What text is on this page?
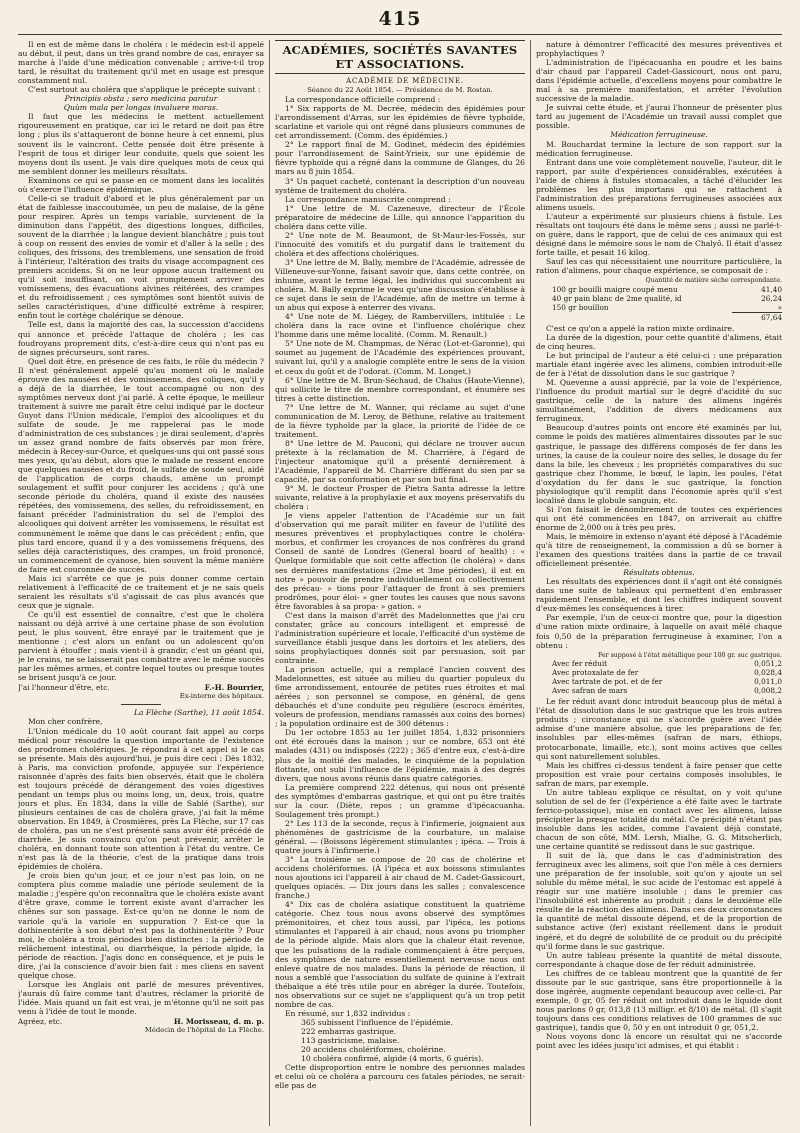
415

Il en est de même dans le choléra : le médecin est-il appelé au début, il peut, dans un très grand nombre de cas, enrayer sa marche à l'aide d'une médication convenable ; arrive-t-il trop tard, le résultat du traitement qu'il met en usage est presque constamment nul.

C'est surtout au choléra que s'applique le précepte suivant :

Principiis obsta ; sero medicina paratur

Quùm mala per longas invaluere moras.

Il faut que les médecins le mettent actuellement rigoureusement en pratique, car ici le retard ne doit pas être long ; plus ils s'attaqueront de bonne heure à cet ennemi, plus souvent ils le vaincront. Cette pensée doit être présente à l'esprit de tous et diriger leur conduite, quels que soient les moyens dont ils usent. Je vais dire quelques mots de ceux qui me semblent donner les meilleurs résultats.

Examinons ce qui se passe en ce moment dans les localités où s'exerce l'influence épidémique.

Celle-ci se traduit d'abord et le plus généralement par un état de faiblesse inaccoutumée, un peu de malaise, de la gêne pour respirer. Après un temps variable, survienent de la diminution dans l'appétit, des digestions longues, difficiles, souvent de la diarrhée ; la langue devient blanchâtre ; puis tout à coup on ressent des envies de vomir et d'aller à la selle ; des coliques, des frissons, des tremblemens, une sensation de froid à l'intérieur, l'altération des traits du visage accompagnent ces premiers accidens. Si on ne leur oppose aucun traitement ou qu'il soit insuffisant, on voit promptement arriver des vomissemens, des évacuations alvines réitérées, des crampes et du refroidissement ; ces symptômes sont bientôt suivis de selles caractéristiques, d'une difficulté extrême à respirer, enfin tout le cortège cholérique se dénoue.

Telle est, dans la majorité des cas, la succession d'accidens qui annonce et précède l'attaque de choléra ; les cas foudroyans proprement dits, c'est-à-dire ceux qui n'ont pas eu de signes précurseurs, sont rares.

Quel doit être, en présence de ces faits, le rôle du médecin ? Il n'est généralement appelé qu'au moment où le malade éprouve des nausées et des vomissemens, des coliques, qu'il y a déjà de la diarrhée, le tout accompagné ou non des symptômes nerveux dont j'ai parlé. À cette époque, le meilleur traitement à suivre me paraît être celui indiqué par le docteur Guyot dans l'Union médicale, l'emploi des alcooliques et du sulfate de soude. Je me rappelerai pas le mode d'administration de ces substances ; je dirai seulement, d'après un assez grand nombre de faits observés par mon frère, médecin à Recey-sur-Ource, et quelques-uns qui ont passé sous mes yeux, qu'au début, alors que le malade ne ressent encore que quelques nausées et du froid, le sulfate de soude seul, aidé de l'application de corps chauds, amène un prompt soulagement et suffit pour conjurer les accidens ; qu'à une seconde période du choléra, quand il existe des nausées répétées, des vomissemens, des selles, du refroidissement, en faisant précéder l'administration du sel de l'emploi des alcooliques qui doivent arrêter les vomissemens, le résultat est communément le même que dans le cas précédent ; enfin, que plus tard encore, quand il y a des vomissemens fréquens, des selles déjà caractéristiques, des crampes, un froid prononcé, un commencement de cyanose, bien souvent la même manière de faire est couronnée de succès.

Mais ici s'arrête ce que je puis donner comme certain relativement à l'efficacité de ce traitement et je ne sais quels seraient les résultats s'il s'agissait de cas plus avancés que ceux que je signale.

Ce qu'il est essentiel de connaître, c'est que le choléra naissant ou déjà arrivé à une certaine phase de son évolution peut, le plus souvent, être enrayé par le traitement que je mentionne ; c'est alors un enfant ou un adolescent qu'on parvient à étouffer ; mais vient-il à grandir, c'est un géant qui, je le crains, ne se laisserait pas combattre avec le même succès par les mêmes armes, et contre lequel toutes ou presque toutes se brisent jusqu'à ce jour.

J'ai l'honneur d'être, etc.	F.-H. Bourrier,

Ex-interne des hôpitaux.

La Flèche (Sarthe), 11 août 1854.

Mon cher confrère,

L'Union médicale du 10 août courant fait appel au corps médical pour résoudre la question importante de l'existence des prodromes cholériques. Je répondrai à cet appel si le cas se présente. Mais dès aujourd'hui, je puis dire ceci : Dès 1832, à Paris, ma conviction profonde, appuyée sur l'expérience raisonnée d'après des faits bien observés, était que le choléra est toujours précédé de dérangement des voies digestives pendant un temps plus ou moins long, un, deux, trois, quatre jours et plus. En 1834, dans la ville de Sablé (Sarthe), sur plusieurs centaines de cas de choléra grave, j'ai fait la même observation. En 1849, à Crosmières, près La Flèche, sur 17 cas de choléra, pas un ne s'est présenté sans avoir été précédé de diarrhée. Je suis convaincu qu'on peut prévenir, arrêter le choléra, en donnant toute son attention à l'état du ventre. Ce n'est pas là de la théorie, c'est de la pratique dans trois épidémies de choléra.

Je crois bien qu'un jour, et ce jour n'est pas loin, on ne comptera plus comme maladie une période seulement de la maladie ; j'espère qu'on reconnaîtra que le choléra existe avant d'être grave, comme le torrent existe avant d'arracher les chênes sur son passage. Est-ce qu'on ne donne le nom de variole qu'à la variole en suppuration ? Est-ce que la dothinentérite à son début n'est pas la dothinentérite ? Pour moi, le choléra a trois périodes bien distinctes : la période de relâchement intestinal, ou diarrhéique, la période algide, la période de réaction. J'agis donc en conséquence, et je puis le dire, j'ai la conscience d'avoir bien fait : mes cliens en savent quelque chose.

Lorsque les Anglais ont parlé de mesures préventives, j'aurais dû faire comme tant d'autres, réclamer la priorité de l'idée. Mais quand un fait est vrai, je m'étonne qu'il ne soit pas venu à l'idée de tout le monde.

Agréez, etc.	H. Morisseau, d. m. p.

Médecin de l'hôpital de La Flèche.

ACADÉMIES, SOCIÉTÉS SAVANTES ET ASSOCIATIONS.

ACADÉMIE DE MÉDECINE.

Séance du 22 Août 1854. — Présidence de M. Rostan.

La correspondance officielle comprend :

1° Six rapports de M. Decrée, médecin des épidémies pour l'arrondissement d'Arras, sur les épidémies de fièvre typhoïde, scarlatine et variole qui ont régné dans plusieurs communes de cet arrondissement. (Comm. des épidémies.)

2° Le rapport final de M. Godinet, médecin des épidémies pour l'arrondissement de Saint-Yrieix, sur une épidémie de fièvre typhoïde qui a régné dans la commune de Glanges, du 26 mars au 8 juin 1854.

3° Un paquet cacheté, contenant la description d'un nouveau système de traitement du choléra.

La correspondance manuscrite comprend :

1° Une lettre de M. Cazeneuve, directeur de l'École préparatoire de médecine de Lille, qui annonce l'apparition du choléra dans cette ville.

2° Une note de M. Beaumont, de St-Maur-les-Fossés, sur l'innocuité des vomitifs et du purgatif dans le traitement du choléra et des affections cholériques.

3° Une lettre de M. Bally, membre de l'Académie, adressée de Villeneuve-sur-Yonne, faisant savoir que, dans cette contrée, on inhume, avant le terme légal, les individus qui succombent au choléra. M. Bally exprime le vœu qu'une discussion s'établisse à ce sujet dans le sein de l'Académie, afin de mettre un terme à un abus qui expose à enterrer des vivans.

4° Une note de M. Liégey, de Rambervillers, intitulée : Le choléra dans la race ovine et l'influence cholérique chez l'homme dans une même localité. (Comm. M. Renault.)

5° Une note de M. Champmas, de Nérac (Lot-et-Garonne), qui soumet au jugement de l'Académie des expériences prouvant, suivant lui, qu'il y a analogie complète entre le sens de la vision et ceux du goût et de l'odorat. (Comm. M. Longet.)

6° Une lettre de M. Brun-Séchaud, de Chalus (Haute-Vienne), qui sollicite le titre de membre correspondant, et énumère ses titres à cette distinction.

7° Une lettre de M. Wanner, qui réclame au sujet d'une communication de M. Leroy, de Béthune, relative au traitement de la fièvre typhoïde par la glace, la priorité de l'idée de ce traitement.

8° Une lettre de M. Pauconi, qui déclare ne trouver aucun prétexte à la réclamation de M. Charrière, à l'égard de l'injecteur anatomique qu'il a présenté dernièrement à l'Académie, l'appareil de M. Charrière différant du sien par sa capacité, par sa conformation et par son but final.

9° M. le docteur Prosper de Pietra Santa adresse la lettre suivante, relative à la prophylaxie et aux moyens préservatifs du choléra :

Je viens appeler l'attention de l'Académie sur un fait d'observation qui me paraît militer en faveur de l'utilité des mesures préventives et prophylactiques contre le choléra-morbus, et confirmer les croyances de nos confrères du grand Conseil de santé de Londres (General board of health) : « Quelque formidable que soit cette affection (le choléra) » dans ses dernières manifestations (2me et 3me périodes), il est en notre » pouvoir de prendre individuellement ou collectivement des précau- » tions pour l'attaquer de front à ses premiers prodrômes, pour éloi- » gner toutes les causes que nous savons être favorables à sa propa- » gation. »

C'est dans la maison d'arrêt des Madelonnettes que j'ai cru constater, grâce au concours intelligent et empressé de l'administration supérieure et locale, l'efficacité d'un système de surveillance établi jusque dans les dortoirs et les ateliers, des soins prophylactiques donnés soit par persuasion, soit par contrainte.

La prison actuelle, qui a remplacé l'ancien couvent des Madelonnettes, est située au milieu du quartier populeux du 6me arrondissement, entourée de petites rues étroites et mal aérées ; son personnel se compose, en général, de gens débauchés et d'une conduite peu régulière (escrocs émérites, voleurs de profession, mendians ramassés aux coins des bornes) ; la population ordinaire est de 300 détenus :

Du 1er octobre 1853 au 1er juillet 1854, 1,832 prisonniers ont été écroués dans la maison ; sur ce nombre, 653 ont été malades (431) ou indisposés (222) ; 365 d'entre eux, c'est-à-dire plus de la moitié des malades, le cinquième de la population flottante, ont subi l'influence de l'épidémie, mais à des degrés divers, que nous avons réunis dans quatre catégories.

La première comprend 222 détenus, qui nous ont présenté des symptômes d'embarras gastrique, et qui ont pu être traités sur la cour. (Diète, repos ; un gramme d'ipécacuanha. Soulagement très prompt.)

2° Les 113 de la seconde, reçus à l'infirmerie, joignaient aux phénomènes de gastricisme de la courbature, un malaise général. — (Boissons légèrement stimulantes ; ipéca. — Trois à quatre jours à l'infirmerie.)

3° La troisième se compose de 20 cas de cholérine et accidens cholériformes. (À l'ipéca et aux boissons stimulantes nous ajoutions ici l'appareil à air chaud de M. Cadet-Gassicourt, quelques opiacés. — Dix jours dans les salles ; convalescence franche.)

4° Dix cas de choléra asiatique constituent la quatrième catégorie. Chez tous nous avons observé des symptômes prémonitoires, et chez tous aussi, par l'ipéca, les potions stimulantes et l'appareil à air chaud, nous avons pu triompher de la période algide. Mais alors que la chaleur était revenue, que les pulsations de la radiale commençaient à être perçues, des symptômes de nature essentiellement nerveuse nous ont enlevé quatre de nos malades. Dans la période de réaction, il nous a semblé que l'association du sulfate de quinine à l'extrait thébaïque a été très utile pour en abréger la durée. Toutefois, nos observations sur ce sujet ne s'appliquent qu'à un trop petit nombre de cas.

En résumé, sur 1,832 individus :

365 subissent l'influence de l'épidémie.

222 embarras gastrique.

113 gastricisme, malaise.

20 accidens cholériformes, cholérine.

10 choléra confirmé, algide (4 morts, 6 guéris).

Cette disproportion entre le nombre des personnes malades et celui où ce choléra a parcouru ces fatales périodes, ne serait-elle pas de

nature à démontrer l'efficacité des mesures préventives et prophylactiques ?

L'administration de l'ipécacuanha en poudre et les bains d'air chaud par l'appareil Cadet-Gassicourt, nous ont paru, dans l'épidémie actuelle, d'excellens moyens pour combattre le mal à sa première manifestation, et arrêter l'évolution successive de la maladie.

Je suivrai cette étude, et j'aurai l'honneur de présenter plus tard au jugement de l'Académie un travail aussi complet que possible.

Médication ferrugineuse.

M. Bouchardat termine la lecture de son rapport sur la médication ferrugineuse.

Entrant dans une voie complètement nouvelle, l'auteur, dit le rapport, par suite d'expériences considérables, exécutées à l'aide de chiens à fistules stomacales, a tâché d'élucider les problèmes les plus importans qui se rattachent à l'administration des préparations ferrugineuses associées aux alimens usuels.

L'auteur a expérimenté sur plusieurs chiens à fistule. Les résultats ont toujours été dans le même sens ; aussi ne parlé-t-on guère, dans le rapport, que de celui de ces animaux qui est désigné dans le mémoire sous le nom de Chalyô. Il était d'assez forte taille, et pesait 16 kilog.

Sauf les cas qui nécessitaient une nourriture particulière, la ration d'alimens, pour chaque expérience, se composait de :

Quantité de matière sèche correspondante.
100 gr bouilli maigre coupé menu	41,40
40 gr pain blanc de 2me qualité, id	26,24
150 gr bouillon	»
67,64

C'est ce qu'on a appelé la ration mixte ordinaire.

La durée de la digestion, pour cette quantité d'alimens, était de cinq heures.

Le but principal de l'auteur a été celui-ci : une préparation martiale étant ingérée avec les alimens, combien introduit-elle de fer à l'état de dissolution dans le suc gastrique ?

M. Quevenne a aussi apprécié, par la voie de l'expérience, l'influence du produit martial sur le degré d'acidité du suc gastrique, celle de la nature des alimens ingérés simultanément, l'addition de divers médicamens aux ferrugineux.

Beaucoup d'autres points ont encore été examinés par lui, comme le poids des matières alimentaires dissoutes par le suc gastrique, le passage des différens composés de fer dans les urines, la cause de la couleur noire des selles, le dosage du fer dans la bile, les cheveux ; les propriétés comparatives du suc gastrique chez l'homme, le bœuf, le lapin, les poules, l'état d'oxydation du fer dans le suc gastrique, la fonction physiologique qu'il remplit dans l'économie après qu'il s'est localisé dans le globule sanguin, etc.

Si l'on faisait le dénombrement de toutes ces expériences qui ont été commencées en 1847, on arriverait au chiffre énorme de 2,000 ou à très peu près.

Mais, le mémoire in extenso n'ayant été déposé à l'Académie qu'à titre de renseignement, la commission a dû se borner à l'examen des questions traitées dans la partie de ce travail officiellement présentée.

Résultats obtenus.

Les résultats des expériences dont il s'agit ont été consignés dans une suite de tableaux qui permettent d'en embrasser rapidement l'ensemble, et dont les chiffres indiquent souvent d'eux-mêmes les conséquences à tirer.

Par exemple, l'un de ceux-ci montre que, pour la digestion d'une ration mixte ordinaire, à laquelle on avait mêlé chaque fois 0,50 de la préparation ferrugineuse à examiner, l'on a obtenu :

Fer supposé à l'état métallique pour 100 gr. suc gastrique.
Avec fer réduit	0,051,2
Avec protoxalate de fer	0,028,4
Avec tartrate de pot. et de fer	0,011,0
Avec safran de mars	0,008,2

Le fer réduit avant donc introduit beaucoup plus de métal à l'état de dissolution dans le suc gastrique que les trois autres produits ; circonstance qui ne s'accorde guère avec l'idée admise d'une manière absolue, que les préparations de fer, insolubles par elles-mêmes (safran de mars, éthiops, protocarbonate, limaille, etc.), sont moins actives que celles qui sont naturellement solubles.

Mais les chiffres ci-dessus tendent à faire penser que cette proposition est vraie pour certains composés insolubles, le safran de mars, par exemple.

Un autre tableau explique ce résultat, on y voit qu'une solution de sel de fer (l'expérience a été faite avec le tartrate ferrico-potassique), mise en contact avec les alimens, laisse précipiter la presque totalité du métal. Ce précipité n'étant pas insoluble dans les acides, comme l'avaient déjà constaté, chacun de son côté, MM. Lersh, Mialhe, G. G. Mitscherlich, une certaine quantité se redissout dans le suc gastrique.

Il suit de là, que dans le cas d'administration des ferrugineux avec les alimens, soit que l'on mêle à ces derniers une préparation de fer insoluble, soit qu'on y ajoute un sel soluble du même métal, le suc acide de l'estomac est appelé à réagir sur une matière insoluble ; dans le premier cas l'insolubilité est inhérente au produit ; dans le deuxième elle résulte de la réaction des alimens. Dans ces deux circonstances la quantité de métal dissoute dépend, et de la proportion de substance active (fer) existant réellement dans le produit ingéré, et du degré de solubilité de ce produit ou du précipité qu'il forme dans le suc gastrique.

Un autre tableau présente la quantité de métal dissoute, correspondante à chaque dose de fer réduit administrée.

Les chiffres de ce tableau montrent que la quantité de fer dissoute par le suc gastrique, sans être proportionnelle à la dose ingérée, augmente cependant beaucoup avec celle-ci. Par exemple, 0 gr, 05 fer réduit ont introduit dans le liquide dont nous parlons 0 gr, 013,8 (13 milligr. et 8/10) de métal. (Il s'agit toujours dans ces conditions relatives de 100 grammes de suc gastrique), tandis que 0, 50 y en ont introduit 0 gr, 051,2.

Nous voyons donc là encore un résultat qui ne s'accorde point avec les idées jusqu'ici admises, et qui établit :
